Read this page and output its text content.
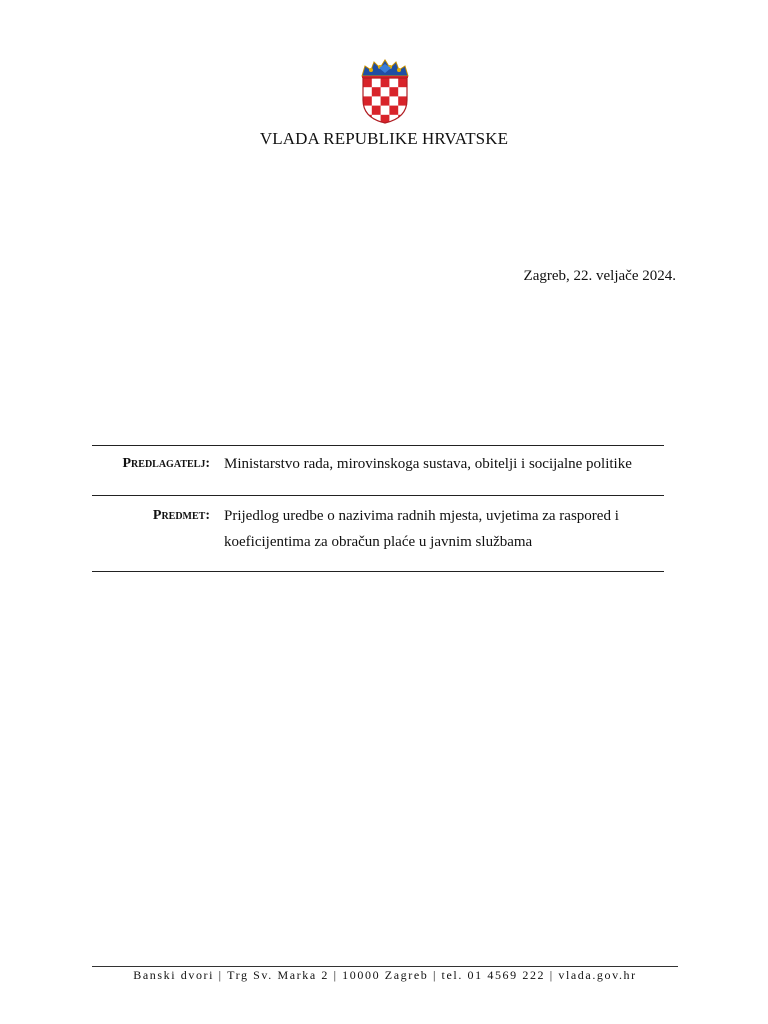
VLADA REPUBLIKE HRVATSKE
Zagreb, 22. veljače 2024.
Predlagatelj: Ministarstvo rada, mirovinskoga sustava, obitelji i socijalne politike
Predmet: Prijedlog uredbe o nazivima radnih mjesta, uvjetima za raspored i koeficijentima za obračun plaće u javnim službama
Banski dvori | Trg Sv. Marka 2 | 10000 Zagreb | tel. 01 4569 222 | vlada.gov.hr
